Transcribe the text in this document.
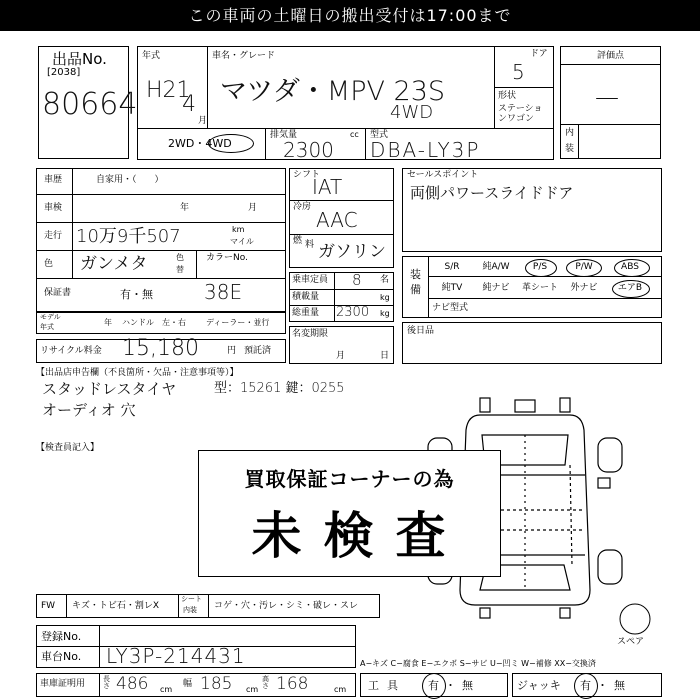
この車両の土曜日の搬出受付は17:00まで
出品No.
[2038]
80664
年式
H21
4
月
車名・グレード
マツダ・MPV 23S
4WD
ドア
5
形状
ステーションワゴン
2WD・4WD
排気量	cc
2300
型式
DBA-LY3P
評価点
—
内
装
車歴	自家用・（　　）
車検	年	月
走行 10万9千507	km
マイル
色 ガンメタ	色
替
カラーNo.
保証書	有・無	38E
モデル
年式	年 ハンドル　左・右	ディーラー・並行
リサイクル料金 15,180	円 預託済
シフト
IAT
冷房
AAC
燃 料 ガソリン
乗車定員 8 名
積載量	kg
総重量 2300 kg
名変期限
月	日
セールスポイント
両側パワースライドドア
装
備
S/R	純A/W	P/S	P/W	ABS
純TV	純ナビ	革シート	外ナビ	エアB
ナビ型式
後日品
【出品店申告欄（不良箇所・欠品・注意事項等）】
スタッドレスタイヤ
オーディオ 穴
型：15261 鍵：0255
【検査員記入】
スペア
買取保証コーナーの為
未検査
FW キズ・トビ石・割レX
シート
内装 コゲ・穴・汚レ・シミ・破レ・スレ
登録No.
車台No. LY3P-214431
車庫証明用	長さ 486 cm
幅 185 cm
高さ 168	cm
A−キズ C−腐食 E−エクボ S−サビ U−凹ミ W−補修 XX−交換済
工具 有・無	ジャッキ 有・無
